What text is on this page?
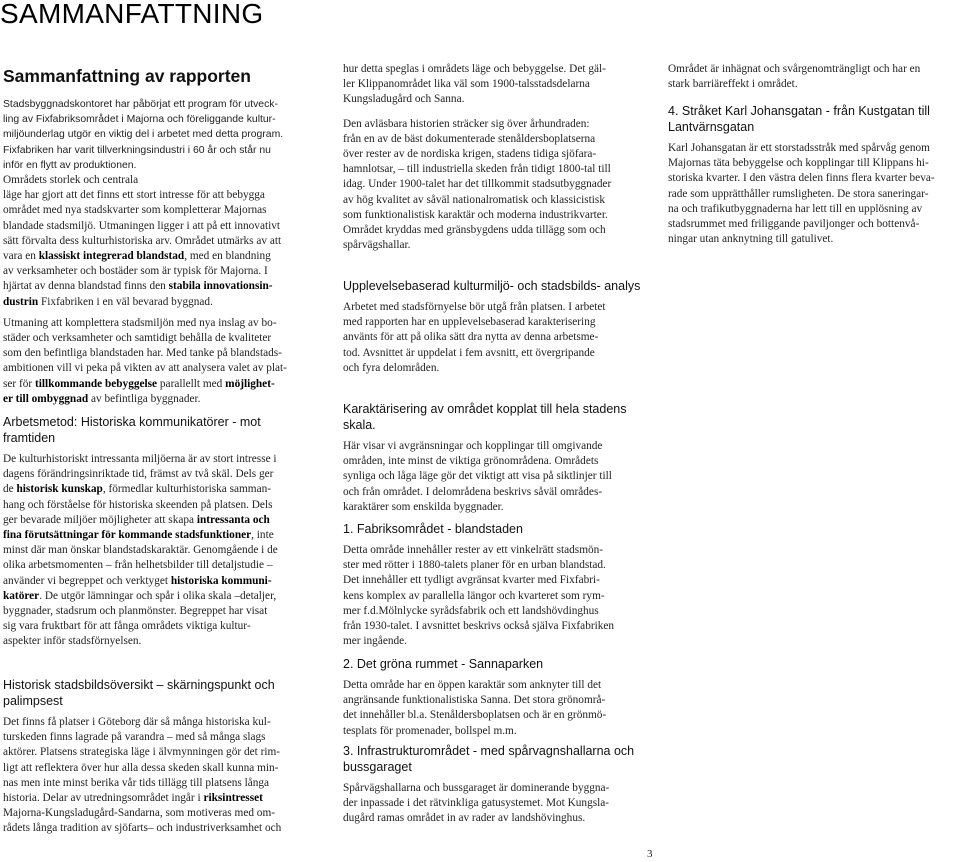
SAMMANFATTNING
Sammanfattning av rapporten

Stadsbyggnadskontoret har påbörjat ett program för utveck-
ling av Fixfabriksområdet i Majorna och föreliggande kultur-
miljöunderlag utgör en viktig del i arbetet med detta program.
Fixfabriken har varit tillverkningsindustri i 60 år och står nu
inför en flytt av produktionen.

Områdets storlek och centrala
läge har gjort att det finns ett stort intresse för att bebygga
området med nya stadskvarter som kompletterar Majornas
blandade stadsmiljö. Utmaningen ligger i att på ett innovativt
sätt förvalta dess kulturhistoriska arv. Området utmärks av att
vara en klassiskt integrerad blandstad, med en blandning
av verksamheter och bostäder som är typisk för Majorna. I
hjärtat av denna blandstad finns den stabila innovationsin-
dustrin Fixfabriken i en väl bevarad byggnad.

Utmaning att komplettera stadsmiljön med nya inslag av bo-
städer och verksamheter och samtidigt behålla de kvaliteter
som den befintliga blandstaden har. Med tanke på blandstads-
ambitionen vill vi peka på vikten av att analysera valet av plat-
ser för tillkommande bebyggelse parallellt med möjlighet-
er till ombyggnad av befintliga byggnader.

Arbetsmetod: Historiska kommunikatörer - mot framtiden

De kulturhistoriskt intressanta miljöerna är av stort intresse i
dagens förändringsinriktade tid, främst av två skäl. Dels ger
de historisk kunskap, förmedlar kulturhistoriska samman-
hang och förståelse för historiska skeenden på platsen. Dels
ger bevarade miljöer möjligheter att skapa intressanta och
fina förutsättningar för kommande stadsfunktioner, inte
minst där man önskar blandstadskaraktär. Genomgående i de
olika arbetsmomenten – från helhetsbilder till detaljstudie –
använder vi begreppet och verktyget historiska kommuni-
katörer. De utgör lämningar och spår i olika skala –detaljer,
byggnader, stadsrum och planmönster. Begreppet har visat
sig vara fruktbart för att fånga områdets viktiga kultur-
aspekter inför stadsförnyelsen.

Historisk stadsbildsöversikt – skärningspunkt och palimpsest

Det finns få platser i Göteborg där så många historiska kul-
turskeden finns lagrade på varandra – med så många slags
aktörer. Platsens strategiska läge i älvmynningen gör det rim-
ligt att reflektera över hur alla dessa skeden skall kunna min-
nas men inte minst berika vår tids tillägg till platsens långa
historia. Delar av utredningsområdet ingår i riksintresset
Majorna-Kungsladugård-Sandarna, som motiveras med om-
rådets långa tradition av sjöfarts– och industriverksamhet och

hur detta speglas i områdets läge och bebyggelse. Det gäl-
ler Klippanområdet lika väl som 1900-talsstadsdelarna
Kungsladugård och Sanna.

Den avläsbara historien sträcker sig över århundraden:
från en av de bäst dokumenterade stenåldersboplatserna
över rester av de nordiska krigen, stadens tidiga sjöfara-
hamnlotsar, – till industriella skeden från tidigt 1800-tal till
idag. Under 1900-talet har det tillkommit stadsutbyggnader
av hög kvalitet av såväl nationalromatisk och klassicistisk
som funktionalistisk karaktär och moderna industrikvarter.
Området kryddas med gränsbygdens udda tillägg som och
spårvägshallar.

Upplevelsebaserad kulturmiljö- och stadsbilds- analys

Arbetet med stadsförnyelse bör utgå från platsen. I arbetet
med rapporten har en upplevelsebaserad karakterisering
använts för att på olika sätt dra nytta av denna arbetsme-
tod. Avsnittet är uppdelat i fem avsnitt, ett övergripande
och fyra delområden.

Karaktärisering av området kopplat till hela stadens skala.

Här visar vi avgränsningar och kopplingar till omgivande
områden, inte minst de viktiga grönområdena. Områdets
synliga och låga läge gör det viktigt att visa på siktlinjer till
och från området. I delområdena beskrivs såväl områdes-
karaktärer som enskilda byggnader.

1. Fabriksområdet - blandstaden

Detta område innehåller rester av ett vinkelrätt stadsmön-
ster med rötter i 1880-talets planer för en urban blandstad.
Det innehåller ett tydligt avgränsat kvarter med Fixfabri-
kens komplex av parallella längor och kvarteret som rym-
mer f.d.Mölnlycke syrådsfabrik och ett landshövdinghus
från 1930-talet. I avsnittet beskrivs också själva Fixfabriken
mer ingående.

2. Det gröna rummet - Sannaparken

Detta område har en öppen karaktär som anknyter till det
angränsande funktionalistiska Sanna. Det stora grönområ-
det innehåller bl.a. Stenåldersboplatsen och är en grönmö-
tesplats för promenader, bollspel m.m.

3. Infrastrukturområdet - med spårvagnshallarna och bussgaraget

Spårvägshallarna och bussgaraget är dominerande byggna-
der inpassade i det rätvinkliga gatusystemet. Mot Kungsla-
dugård ramas området in av rader av landshövinghus.

Området är inhägnat och svårgenomträngligt och har en
stark barriäreffekt i området.

4. Stråket Karl Johansgatan - från Kustgatan till Lantvärnsgatan

Karl Johansgatan är ett storstadsstråk med spårvåg genom
Majornas täta bebyggelse och kopplingar till Klippans hi-
storiska kvarter. I den västra delen finns flera kvarter beva-
rade som upprätthåller rumsligheten. De stora saneringar-
na och trafikutbyggnaderna har lett till en upplösning av
stadsrummet med friliggande paviljonger och bottenvå-
ningar utan anknytning till gatulivet.

3
